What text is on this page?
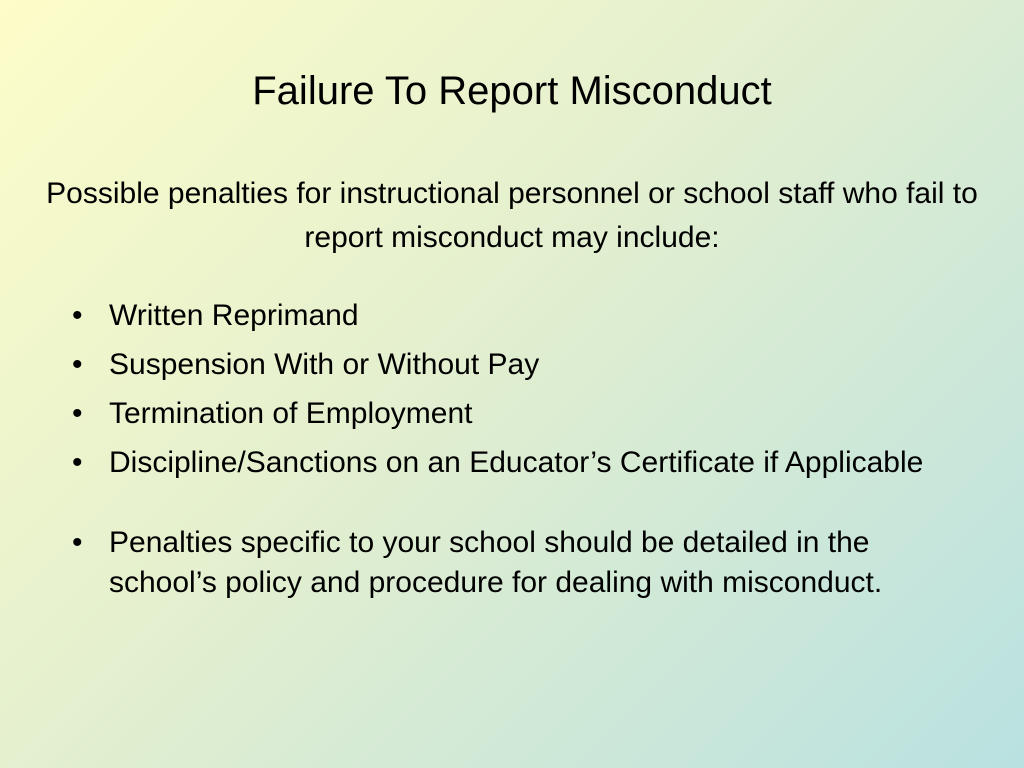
Failure To Report Misconduct

Possible penalties for instructional personnel or school staff who fail to report misconduct may include:

• Written Reprimand
• Suspension With or Without Pay
• Termination of Employment
• Discipline/Sanctions on an Educator’s Certificate if Applicable
• Penalties specific to your school should be detailed in the school’s policy and procedure for dealing with misconduct.
